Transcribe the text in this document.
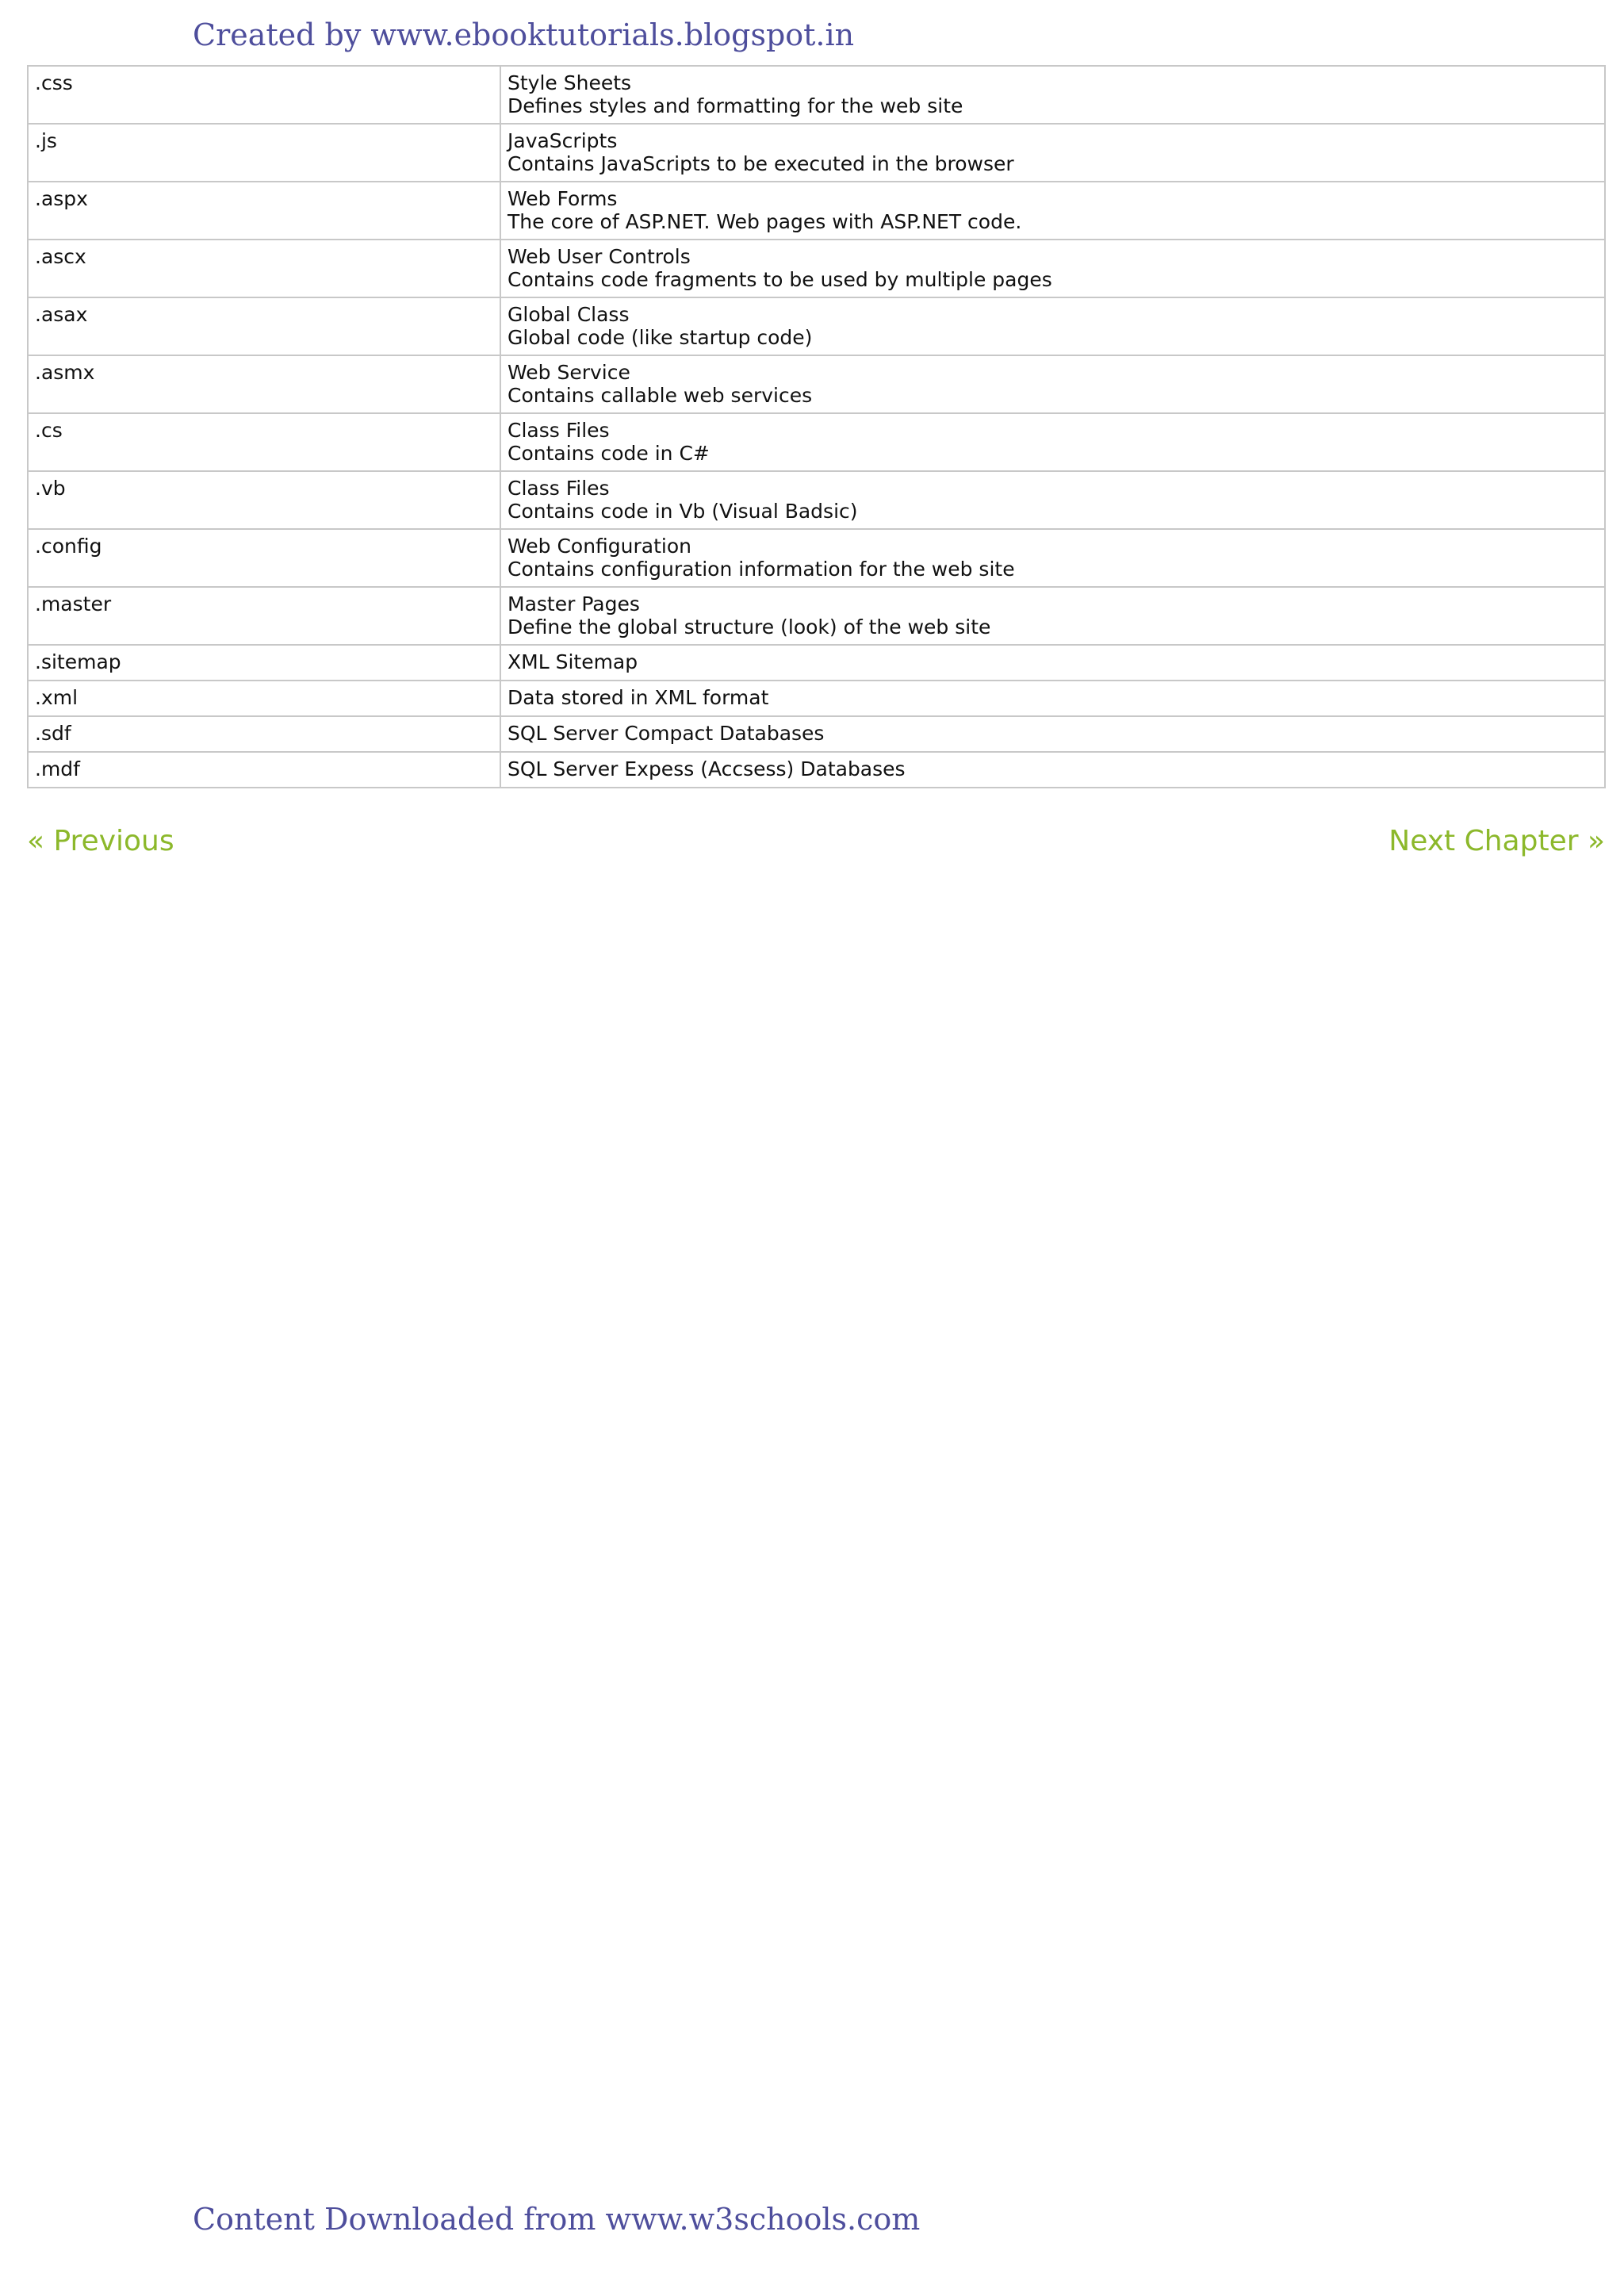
Created by www.ebooktutorials.blogspot.in
.css	Style Sheets
Defines styles and formatting for the web site

.js	JavaScripts
Contains JavaScripts to be executed in the browser

.aspx	Web Forms
The core of ASP.NET. Web pages with ASP.NET code.

.ascx	Web User Controls
Contains code fragments to be used by multiple pages

.asax	Global Class
Global code (like startup code)

.asmx	Web Service
Contains callable web services

.cs	Class Files
Contains code in C#

.vb	Class Files
Contains code in Vb (Visual Badsic)

.config	Web Configuration
Contains configuration information for the web site

.master	Master Pages
Define the global structure (look) of the web site

.sitemap	XML Sitemap

.xml	Data stored in XML format

.sdf	SQL Server Compact Databases

.mdf	SQL Server Expess (Accsess) Databases
« Previous	Next Chapter »
Content Downloaded from www.w3schools.com
